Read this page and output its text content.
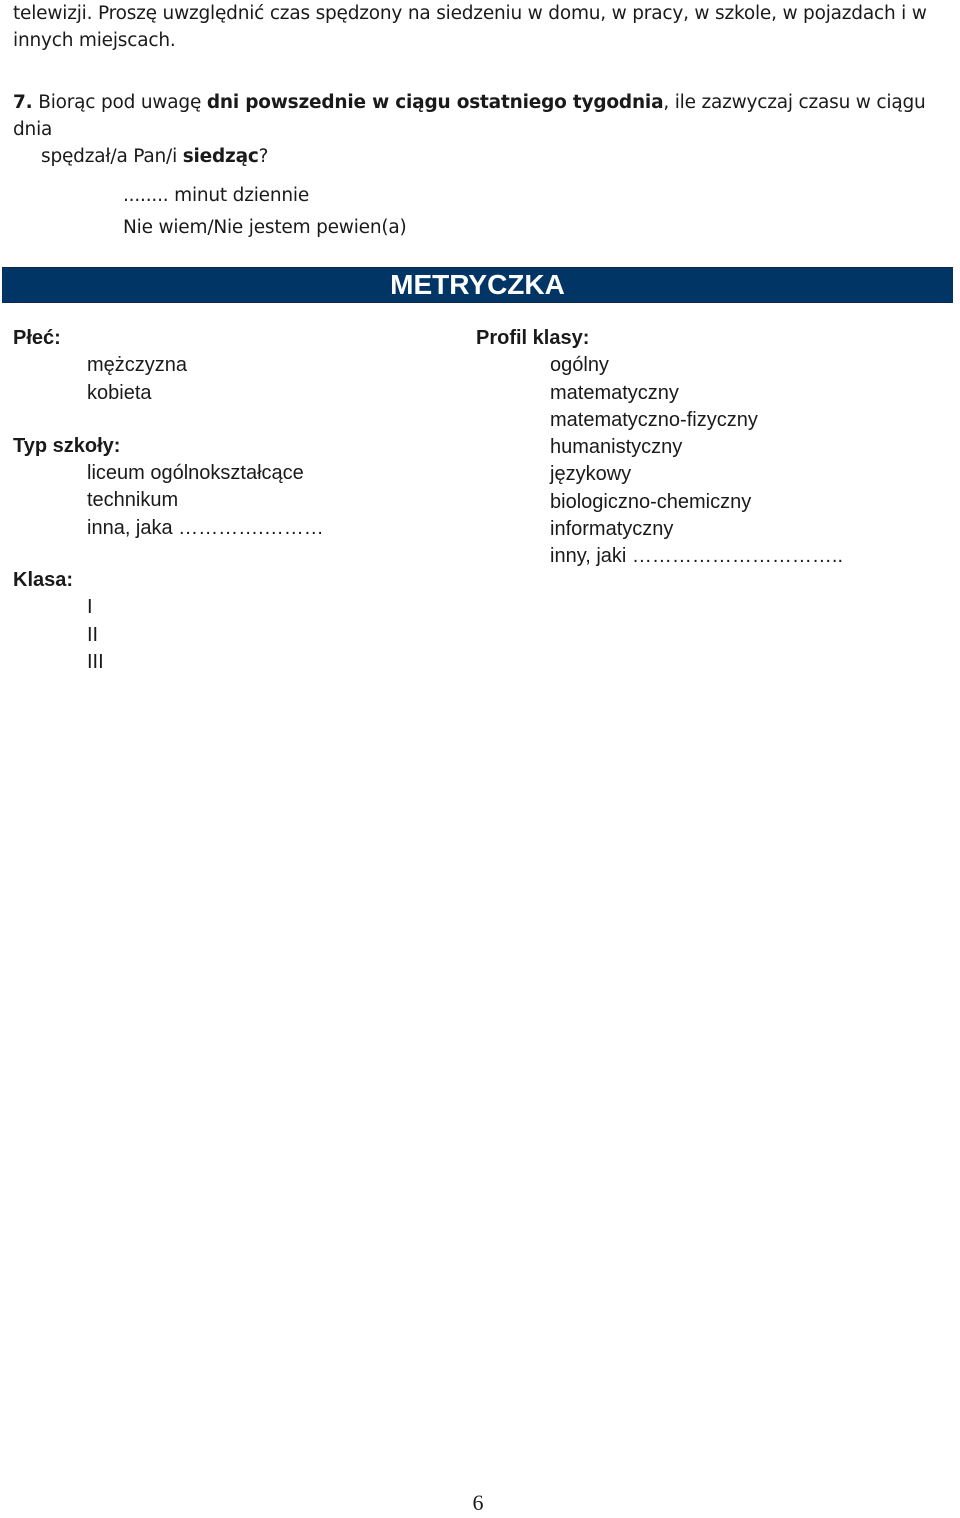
telewizji. Proszę uwzględnić czas spędzony na siedzeniu w domu, w pracy, w szkole, w pojazdach i w
innych miejscach.
7. Biorąc pod uwagę dni powszednie w ciągu ostatniego tygodnia, ile zazwyczaj czasu w ciągu dnia
spędzał/a Pan/i siedząc?
........ minut dziennie
Nie wiem/Nie jestem pewien(a)
METRYCZKA
Płeć:
mężczyzna
kobieta
Typ szkoły:
liceum ogólnokształcące
technikum
inna, jaka ………….………
Klasa:
I
II
III
Profil klasy:
ogólny
matematyczny
matematyczno-fizyczny
humanistyczny
językowy
biologiczno-chemiczny
informatyczny
inny, jaki …………………………..
6
